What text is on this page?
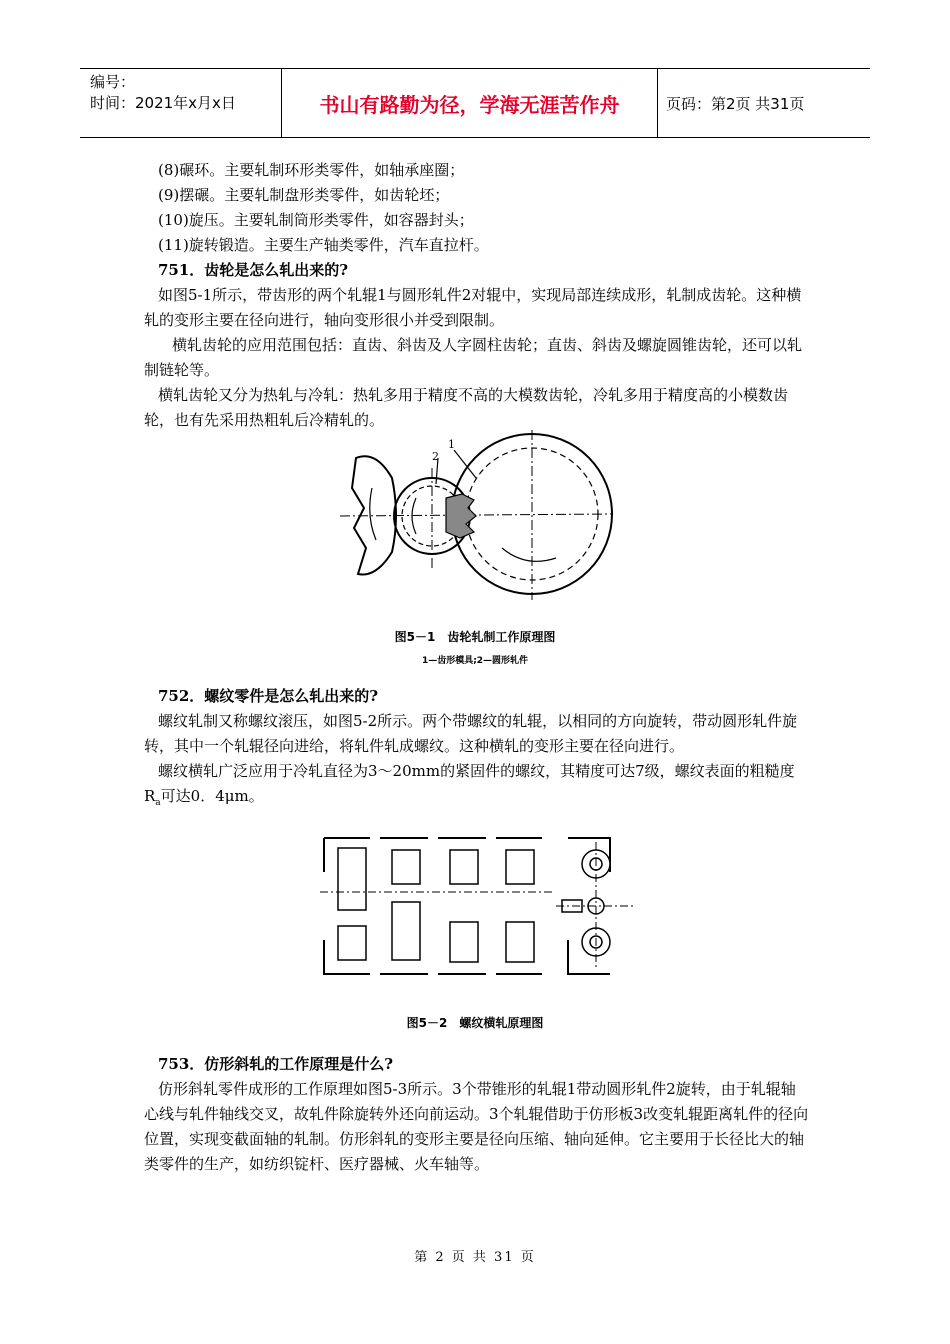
编号：
时间：2021年x月x日	书山有路勤为径，学海无涯苦作舟	页码：第2页 共31页

(8)碾环。主要轧制环形类零件，如轴承座圈；

(9)摆碾。主要轧制盘形类零件，如齿轮坯；

(10)旋压。主要轧制筒形类零件，如容器封头；

(11)旋转锻造。主要生产轴类零件，汽车直拉杆。

751．齿轮是怎么轧出来的?

如图5-1所示，带齿形的两个轧辊1与圆形轧件2对辊中，实现局部连续成形，轧制成齿轮。这种横轧的变形主要在径向进行，轴向变形很小并受到限制。

横轧齿轮的应用范围包括：直齿、斜齿及人字圆柱齿轮；直齿、斜齿及螺旋圆锥齿轮，还可以轧制链轮等。

横轧齿轮又分为热轧与冷轧：热轧多用于精度不高的大模数齿轮，冷轧多用于精度高的小模数齿轮，也有先采用热粗轧后冷精轧的。

1
2
图5－1　齿轮轧制工作原理图
1—齿形模具;2—圆形轧件

752．螺纹零件是怎么轧出来的?

螺纹轧制又称螺纹滚压，如图5-2所示。两个带螺纹的轧辊，以相同的方向旋转，带动圆形轧件旋转，其中一个轧辊径向进给，将轧件轧成螺纹。这种横轧的变形主要在径向进行。

螺纹横轧广泛应用于冷轧直径为3～20mm的紧固件的螺纹，其精度可达7级，螺纹表面的粗糙度$R_a$可达0．4μm。

图5－2　螺纹横轧原理图

753．仿形斜轧的工作原理是什么?

仿形斜轧零件成形的工作原理如图5-3所示。3个带锥形的轧辊1带动圆形轧件2旋转，由于轧辊轴心线与轧件轴线交叉，故轧件除旋转外还向前运动。3个轧辊借助于仿形板3改变轧辊距离轧件的径向位置，实现变截面轴的轧制。仿形斜轧的变形主要是径向压缩、轴向延伸。它主要用于长径比大的轴类零件的生产，如纺织锭杆、医疗器械、火车轴等。

第 2 页 共 31 页
